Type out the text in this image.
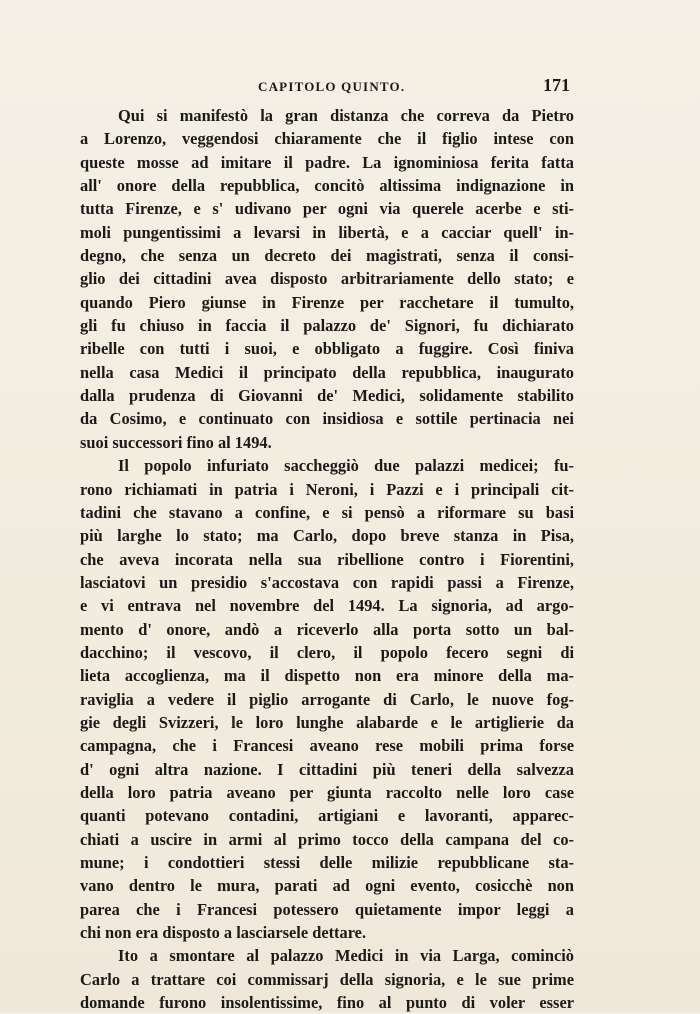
CAPITOLO QUINTO.	171
Qui si manifestò la gran distanza che correva da Pietro
a Lorenzo, veggendosi chiaramente che il figlio intese con
queste mosse ad imitare il padre. La ignominiosa ferita fatta
all' onore della repubblica, concitò altissima indignazione in
tutta Firenze, e s' udivano per ogni via querele acerbe e sti-
moli pungentissimi a levarsi in libertà, e a cacciar quell' in-
degno, che senza un decreto dei magistrati, senza il consi-
glio dei cittadini avea disposto arbitrariamente dello stato; e
quando Piero giunse in Firenze per racchetare il tumulto,
gli fu chiuso in faccia il palazzo de' Signori, fu dichiarato
ribelle con tutti i suoi, e obbligato a fuggire. Così finiva
nella casa Medici il principato della repubblica, inaugurato
dalla prudenza di Giovanni de' Medici, solidamente stabilito
da Cosimo, e continuato con insidiosa e sottile pertinacia nei
suoi successori fino al 1494.
Il popolo infuriato saccheggiò due palazzi medicei; fu-
rono richiamati in patria i Neroni, i Pazzi e i principali cit-
tadini che stavano a confine, e si pensò a riformare su basi
più larghe lo stato; ma Carlo, dopo breve stanza in Pisa,
che aveva incorata nella sua ribellione contro i Fiorentini,
lasciatovi un presidio s'accostava con rapidi passi a Firenze,
e vi entrava nel novembre del 1494. La signoria, ad argo-
mento d' onore, andò a riceverlo alla porta sotto un bal-
dacchino; il vescovo, il clero, il popolo fecero segni di
lieta accoglienza, ma il dispetto non era minore della ma-
raviglia a vedere il piglio arrogante di Carlo, le nuove fog-
gie degli Svizzeri, le loro lunghe alabarde e le artiglierie da
campagna, che i Francesi aveano rese mobili prima forse
d' ogni altra nazione. I cittadini più teneri della salvezza
della loro patria aveano per giunta raccolto nelle loro case
quanti potevano contadini, artigiani e lavoranti, apparec-
chiati a uscire in armi al primo tocco della campana del co-
mune; i condottieri stessi delle milizie repubblicane sta-
vano dentro le mura, parati ad ogni evento, cosicchè non
parea che i Francesi potessero quietamente impor leggi a
chi non era disposto a lasciarsele dettare.
Ito a smontare al palazzo Medici in via Larga, cominciò
Carlo a trattare coi commissarj della signoria, e le sue prime
domande furono insolentissime, fino al punto di voler esser
